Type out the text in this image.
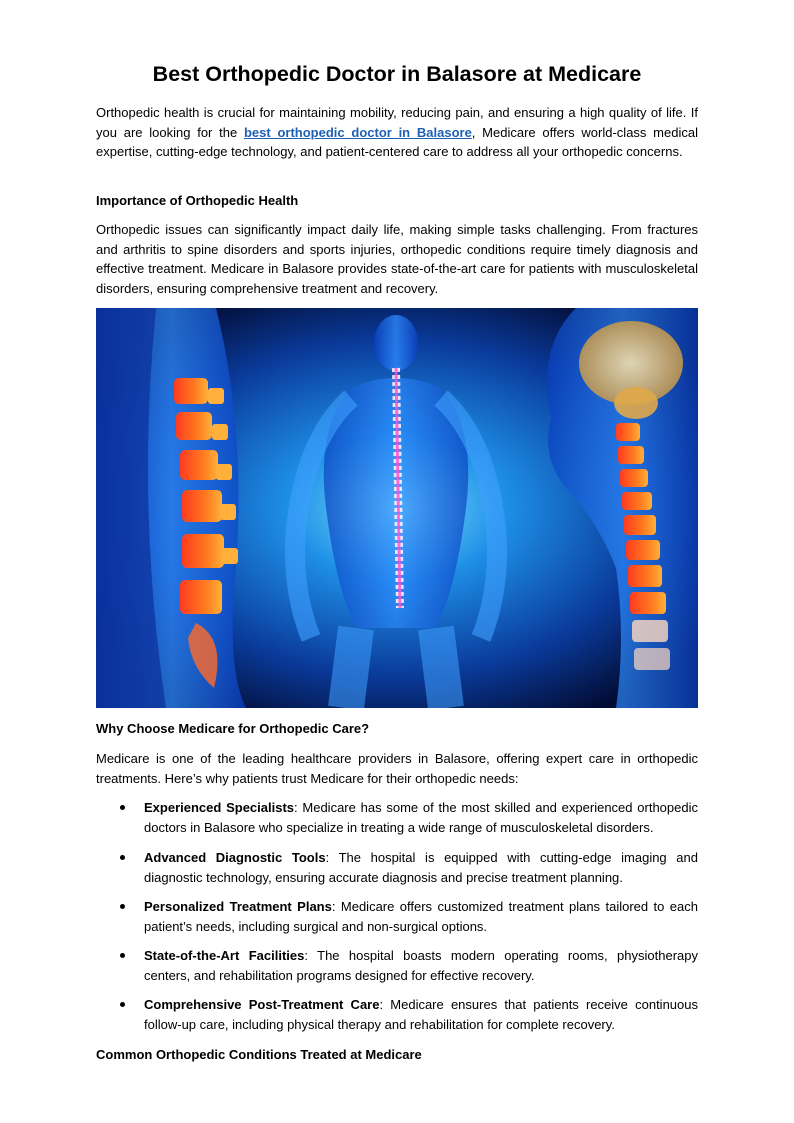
Best Orthopedic Doctor in Balasore at Medicare

Orthopedic health is crucial for maintaining mobility, reducing pain, and ensuring a high quality of life. If you are looking for the best orthopedic doctor in Balasore, Medicare offers world-class medical expertise, cutting-edge technology, and patient-centered care to address all your orthopedic concerns.

Importance of Orthopedic Health

Orthopedic issues can significantly impact daily life, making simple tasks challenging. From fractures and arthritis to spine disorders and sports injuries, orthopedic conditions require timely diagnosis and effective treatment. Medicare in Balasore provides state-of-the-art care for patients with musculoskeletal disorders, ensuring comprehensive treatment and recovery.

Why Choose Medicare for Orthopedic Care?

Medicare is one of the leading healthcare providers in Balasore, offering expert care in orthopedic treatments. Here’s why patients trust Medicare for their orthopedic needs:

Experienced Specialists: Medicare has some of the most skilled and experienced orthopedic doctors in Balasore who specialize in treating a wide range of musculoskeletal disorders.
Advanced Diagnostic Tools: The hospital is equipped with cutting-edge imaging and diagnostic technology, ensuring accurate diagnosis and precise treatment planning.
Personalized Treatment Plans: Medicare offers customized treatment plans tailored to each patient’s needs, including surgical and non-surgical options.
State-of-the-Art Facilities: The hospital boasts modern operating rooms, physiotherapy centers, and rehabilitation programs designed for effective recovery.
Comprehensive Post-Treatment Care: Medicare ensures that patients receive continuous follow-up care, including physical therapy and rehabilitation for complete recovery.

Common Orthopedic Conditions Treated at Medicare
